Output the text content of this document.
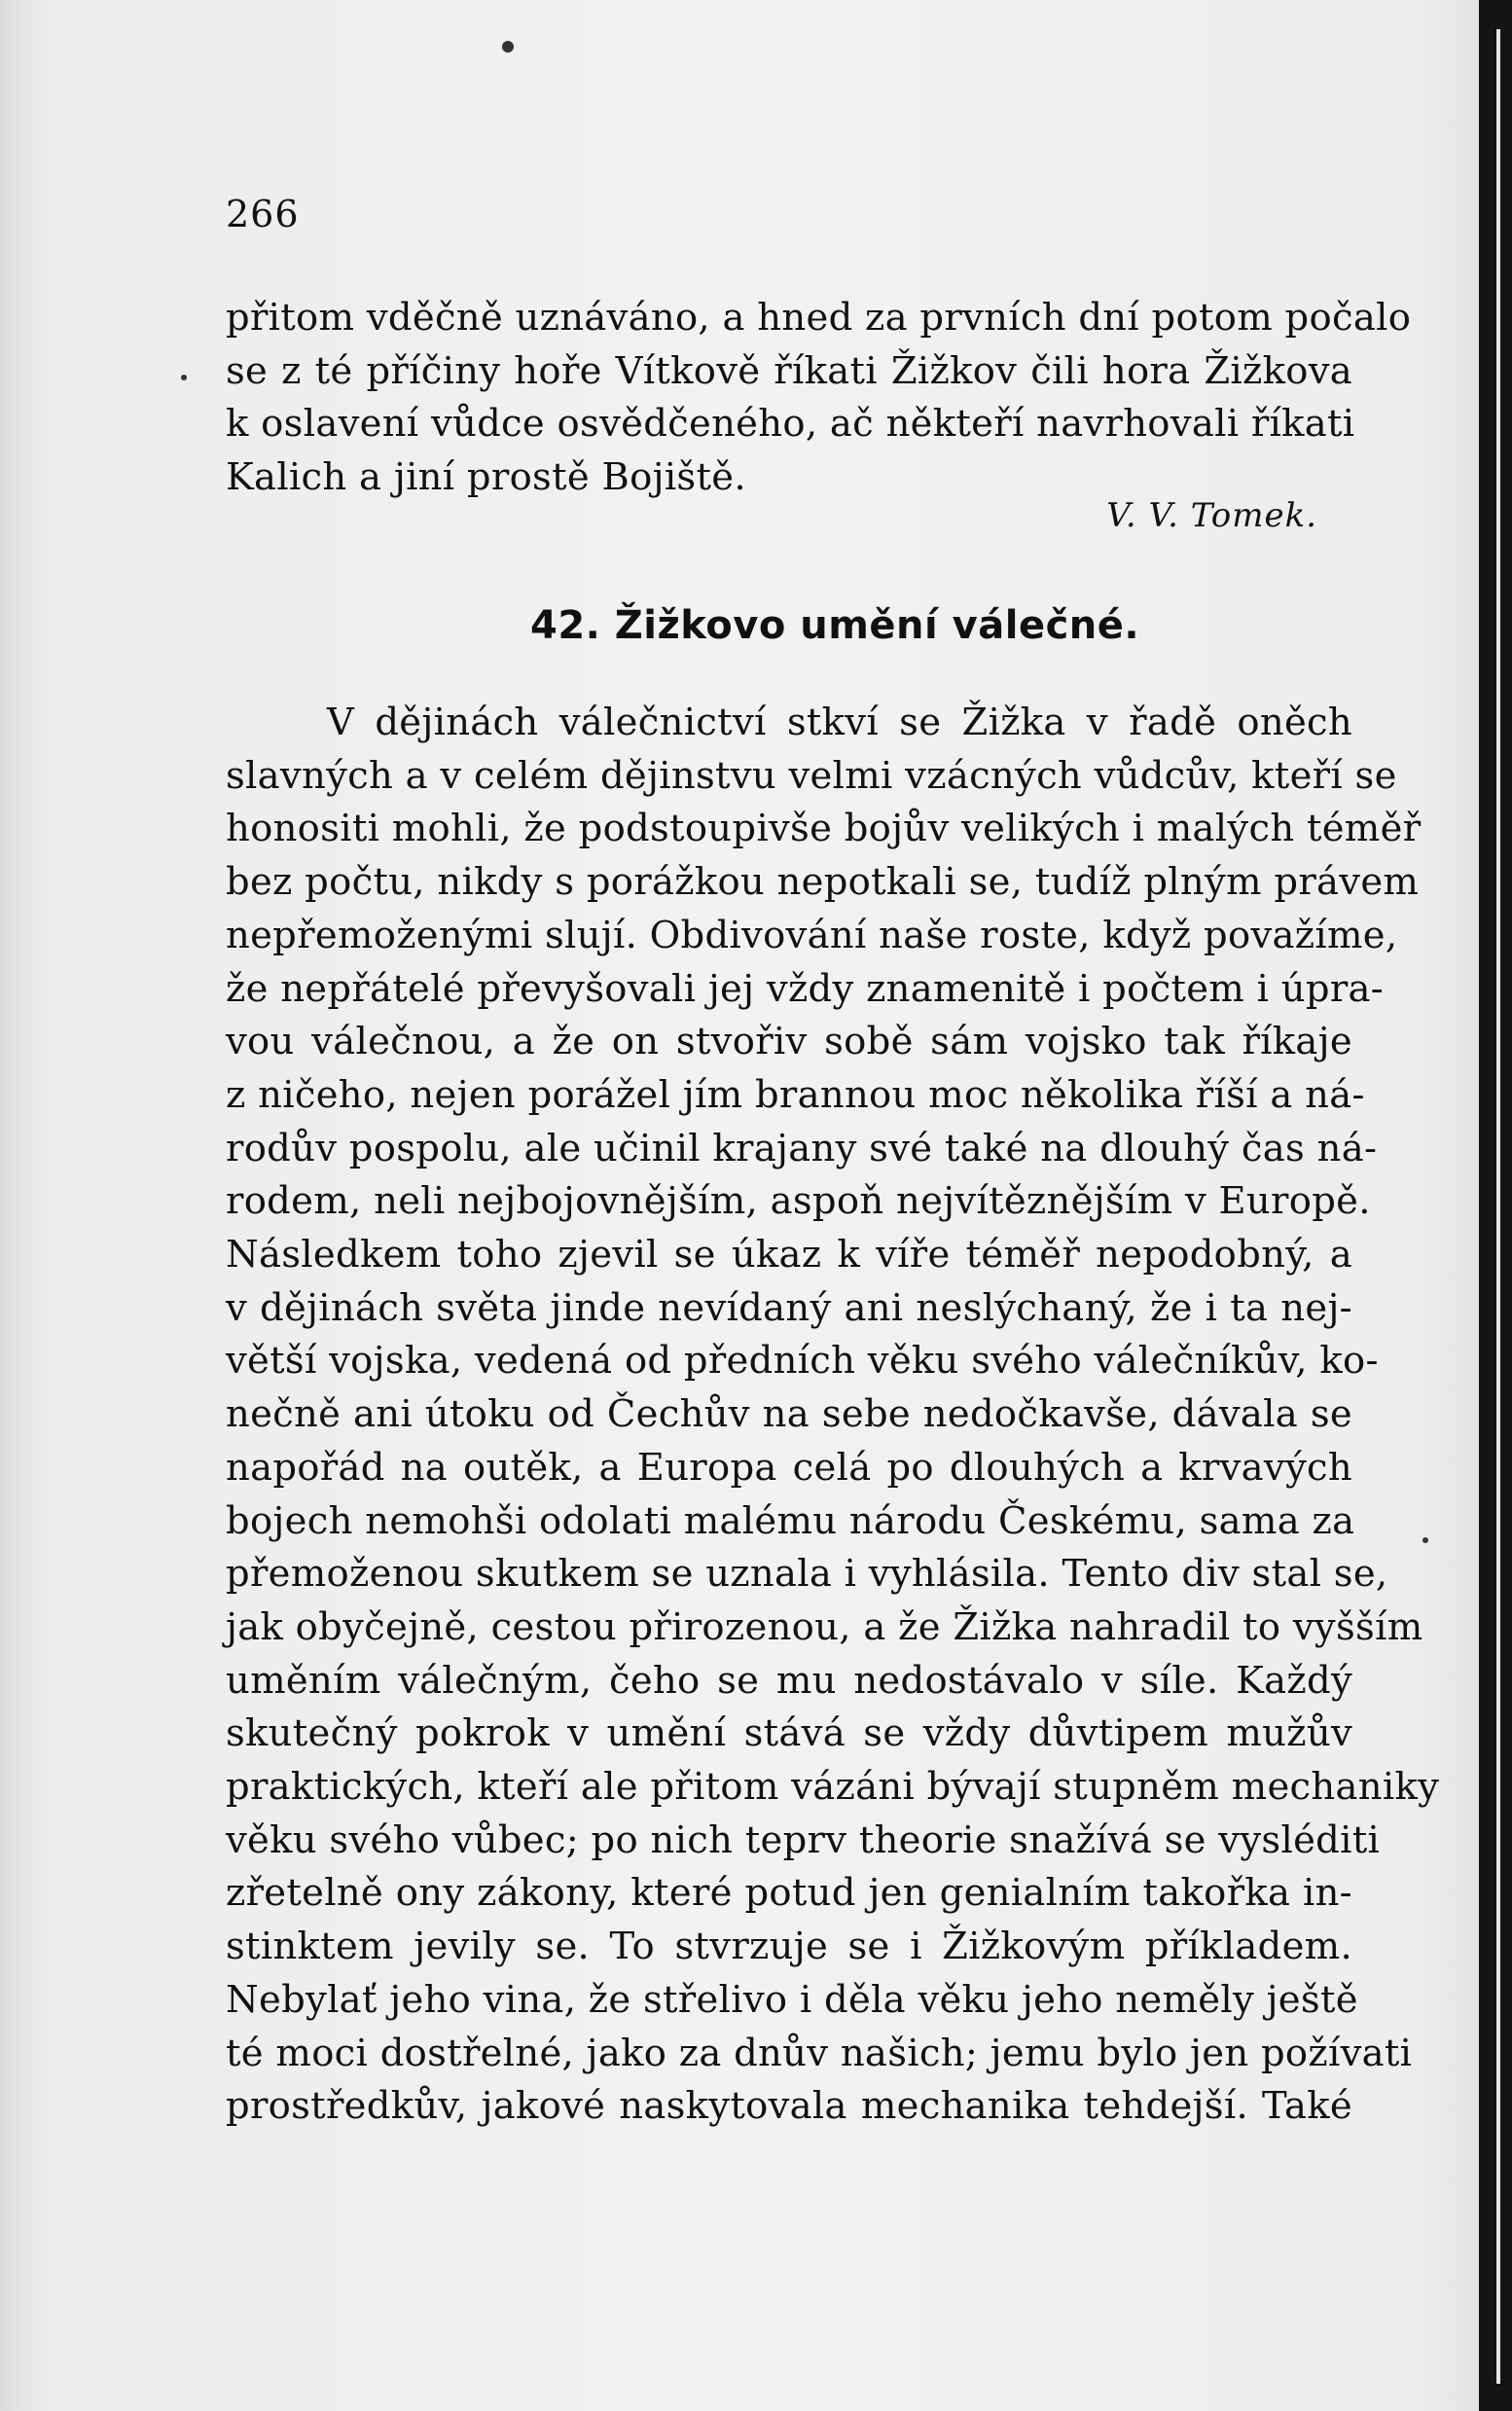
266
přitom vděčně uznáváno, a hned za prvních dní potom počalo
se z té příčiny hoře Vítkově říkati Žižkov čili hora Žižkova
k oslavení vůdce osvědčeného, ač někteří navrhovali říkati
Kalich a jiní prostě Bojiště.
V. V. Tomek.
42. Žižkovo umění válečné.
V dějinách válečnictví stkví se Žižka v řadě oněch
slavných a v celém dějinstvu velmi vzácných vůdcův, kteří se
honositi mohli, že podstoupivše bojův velikých i malých téměř
bez počtu, nikdy s porážkou nepotkali se, tudíž plným právem
nepřemoženými slují. Obdivování naše roste, když považíme,
že nepřátelé převyšovali jej vždy znamenitě i počtem i úpra-
vou válečnou, a že on stvořiv sobě sám vojsko tak říkaje
z ničeho, nejen porážel jím brannou moc několika říší a ná-
rodův pospolu, ale učinil krajany své také na dlouhý čas ná-
rodem, neli nejbojovnějším, aspoň nejvítěznějším v Europě.
Následkem toho zjevil se úkaz k víře téměř nepodobný, a
v dějinách světa jinde nevídaný ani neslýchaný, že i ta nej-
větší vojska, vedená od předních věku svého válečníkův, ko-
nečně ani útoku od Čechův na sebe nedočkavše, dávala se
napořád na outěk, a Europa celá po dlouhých a krvavých
bojech nemohši odolati malému národu Českému, sama za
přemoženou skutkem se uznala i vyhlásila. Tento div stal se,
jak obyčejně, cestou přirozenou, a že Žižka nahradil to vyšším
uměním válečným, čeho se mu nedostávalo v síle. Každý
skutečný pokrok v umění stává se vždy důvtipem mužův
praktických, kteří ale přitom vázáni bývají stupněm mechaniky
věku svého vůbec; po nich teprv theorie snažívá se vysléditi
zřetelně ony zákony, které potud jen genialním takořka in-
stinktem jevily se. To stvrzuje se i Žižkovým příkladem.
Nebylať jeho vina, že střelivo i děla věku jeho neměly ještě
té moci dostřelné, jako za dnův našich; jemu bylo jen požívati
prostředkův, jakové naskytovala mechanika tehdejší. Také
